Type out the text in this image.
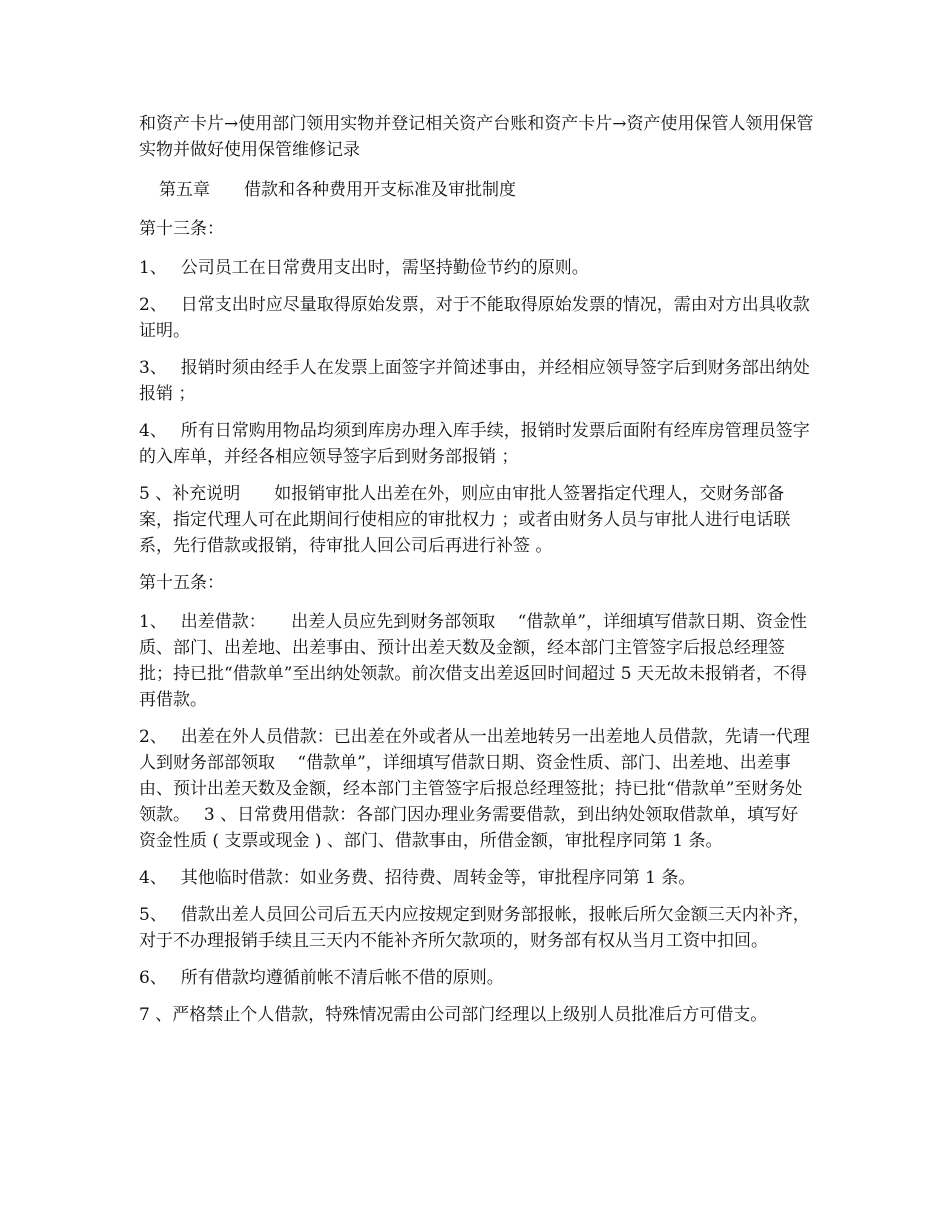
和资产卡片→使用部门领用实物并登记相关资产台账和资产卡片→资产使用保管人领用保管实物并做好使用保管维修记录

第五章　　借款和各种费用开支标准及审批制度

第十三条：

1、　 公司员工在日常费用支出时，需坚持勤俭节约的原则。

2、　 日常支出时应尽量取得原始发票，对于不能取得原始发票的情况，需由对方出具收款证明。

3、　 报销时须由经手人在发票上面签字并简述事由，并经相应领导签字后到财务部出纳处报销 ；

4、　 所有日常购用物品均须到库房办理入库手续，报销时发票后面附有经库房管理员签字的入库单，并经各相应领导签字后到财务部报销 ；

5 、补充说明　　如报销审批人出差在外，则应由审批人签署指定代理人，交财务部备案，指定代理人可在此期间行使相应的审批权力 ；或者由财务人员与审批人进行电话联系，先行借款或报销，待审批人回公司后再进行补签 。

第十五条：

1、　 出差借款：　　出差人员应先到财务部领取　 “借款单”，详细填写借款日期、资金性质、部门、出差地、出差事由、预计出差天数及金额，经本部门主管签字后报总经理签批；持已批“借款单”至出纳处领款。前次借支出差返回时间超过 5 天无故未报销者，不得再借款。

2、　 出差在外人员借款：已出差在外或者从一出差地转另一出差地人员借款，先请一代理人到财务部部领取　 “借款单”，详细填写借款日期、资金性质、部门、出差地、出差事由、预计出差天数及金额，经本部门主管签字后报总经理签批；持已批“借款单”至财务处领款。　 3 、日常费用借款：各部门因办理业务需要借款，到出纳处领取借款单，填写好资金性质 ( 支票或现金 ) 、部门、借款事由，所借金额，审批程序同第 1 条。

4、　 其他临时借款：如业务费、招待费、周转金等，审批程序同第 1 条。

5、　 借款出差人员回公司后五天内应按规定到财务部报帐，报帐后所欠金额三天内补齐，对于不办理报销手续且三天内不能补齐所欠款项的，财务部有权从当月工资中扣回。

6、　 所有借款均遵循前帐不清后帐不借的原则。

7 、严格禁止个人借款，特殊情况需由公司部门经理以上级别人员批准后方可借支。
